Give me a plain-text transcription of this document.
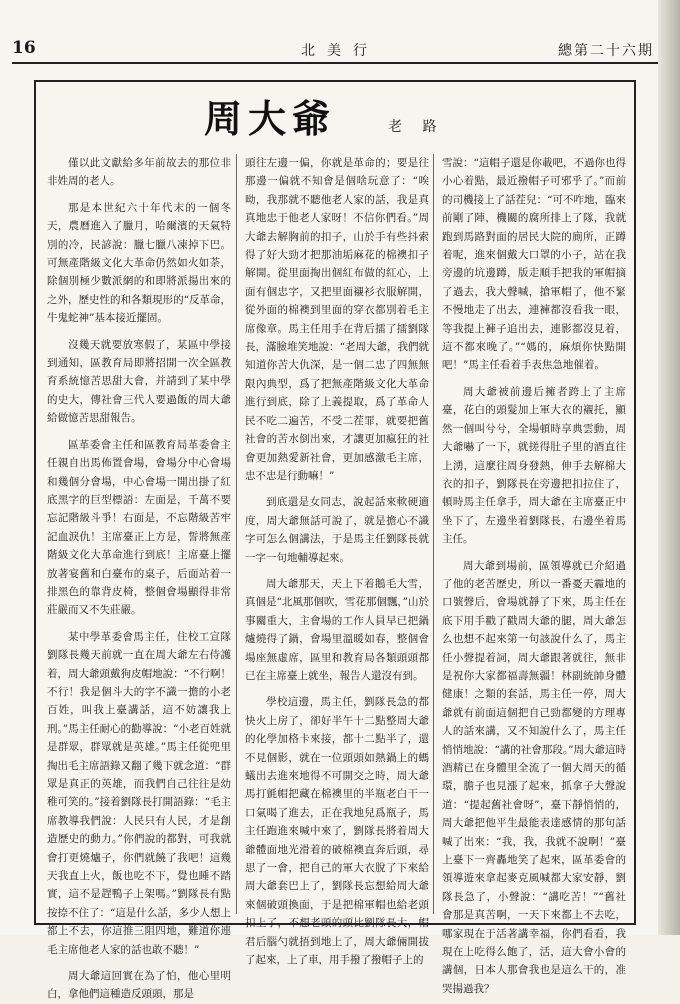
16	北美行	總第二十六期
周大爺	老 路

僅以此文獻給多年前故去的那位非非姓周的老人。

那是本世紀六十年代末的一個冬天，農曆進入了臘月，哈爾濱的天氣特別的冷，民諺說：臘七臘八凍掉下巴。可無產階級文化大革命仍然如火如荼，除個別極少數派網的和即將派揚出來的之外，歷史性的和各類現形的“反革命，牛鬼蛇神”基本接近擺固。

沒幾天就要放寒假了，某區中學接到通知，區教育局即將招開一次全區教育系統憶苦思甜大會，并請到了某中學的史大，傳社會三代人要過飯的周大爺給做憶苦思甜報告。

區革委會主任和區教育局革委會主任親自出馬佈置會場，會場分中心會場和幾個分會場，中心會場一開出掛了紅底黑字的巨型標語：左面是，千萬不要忘記階級斗爭！右面是，不忘階級苦牢記血淚仇！主席臺正上方是，誓將無產階級文化大革命進行到底！主席臺上擺放著宴舊和白臺布的桌子，后面站着一排黑色的靠背皮椅，整個會場顯得非常莊嚴而又不失莊嚴。

某中學革委會馬主任，住校工宣隊劉隊長幾天前就一直在周大爺左右侍護着，周大爺頭戴狗皮帽地說：“不行啊！不行！我是個斗大的字不識一擔的小老百姓，叫我上臺講話，這不妨讓我上刑。”馬主任耐心的勸導說：“小老百姓就是群眾，群眾就是英雄。”馬主任從兜里掏出毛主席語錄又翻了幾下就念道：“群眾是真正的英雄，而我們自己往往是幼稚可笑的。”接着劉隊長打開語錄：“毛主席教導我們說：人民只有人民，才是創造歷史的動力。”你們說的都對，可我就會打更燒爐子，你們就饒了我吧！這幾天我直上火，飯也吃不下，覺也睡不踏實，這不是趕鴨子上架嗎。”劉隊長有點按捺不住了：“這是什么話，多少人想上都上不去，你這推三阻四地，難道你連毛主席他老人家的話也敢不聽！”

周大爺這回實在為了怕，他心里明白，拿他們這種造反頭頭，那是

頭往左邊一偏，你就是革命的；要是往那邊一偏就不知會是個啥玩意了：“唉呦，我那就不聽他老人家的話，我是真真地忠于他老人家呀！不信你們看。”周大爺去解胸前的扣子，山於手有些抖索得了好大勁才把那油垢麻花的棉襖扣子解開。從里面掏出個紅布做的紅心，上面有個忠字，又把里面襯衫衣服解開，從外面的棉襖到里面的穿衣都別着毛主席像章。馬主任用手在背后擂了擂劉隊長，滿臉堆笑地說：“老周大爺，我們就知道你苦大仇深，是一個二忠了四無無限內典型，爲了把無產階級文化大革命進行到底，除了上義提取，爲了革命人民不吃二遍苦，不受二茬罪，就要把舊社會的苦水倒出來，才讓更加瘋狂的社會更加熱愛新社會，更加感激毛主席，忠不忠是行動嘛！”

到底還是女同志，說起話來軟硬適度，周大爺無話可說了，就是擔心不識字可怎么個講法，于是馬主任劉隊長就一字一句地輔導起來。

周大爺那天，天上下着鵝毛大雪，真個是“北風那個吹，雪花那個飄，”山於事關重大，主會場的工作人員早已把鍋爐燒得了鍋，會場里溫暖如春，整個會場座無虛席，區里和教育局各類頭頭都已在主席臺上就坐，報告人還沒有到。

學校這邊，馬主任，劉隊長急的都快火上房了，卻好半午十二點整周大爺的化學加格卡來接，都十二點半了，還不見個影，就在一位頭頭如熱鍋上的螞蟻出去進來地得不可開交之時，周大爺馬打氈帽把藏在棉襖里的半瓶老白干一口氣喝了進去，正在我地兒爲瓶子，馬主任跑進來喊中來了，劉隊長將着周大爺體面地光滑着的破棉襖直奔后頭，尋思了一會，把自己的軍大衣脫了下來給周大爺套巴上了，劉隊長忘想給周大爺來個破頭換面，于是把棉軍帽也給老頭扣上了，不想老頭的頭比劉隊長大，帽君后腦勺就捂到地上了，周大爺倆開拔了起來，上了車，用手撥了撥帽子上的

雪說：“這帽子還是你載吧，不過你也得小心着點，最近撥帽子可邪乎了。”而前的司機接上了話茬兒：“可不咋地，臨來前剛了陣，機關的腐所排上了隊，我就跑到馬路對面的居民大院的廁所，正蹲着呢，進來個戴大口罩的小子，站在我旁邊的坑邊蹲，版走順手把我的軍帽摘了過去，我大聲喊，搶軍帽了，他不緊不慢地走了出去，連褲都沒看我一眼，等我提上褲子追出去，連影都沒見着，這不都來晚了。”“媽的，麻煩你快點開吧！”馬主任看着手表焦急地催着。

周大爺被前邊后擁者跨上了主席臺，花白的頭髮加上軍大衣的襯托，顯然一個叫兮兮，全場頓時享典雲動，周大爺嚇了一下，就搓得肚子里的酒直往上湧，這麼往周身發熱，伸手去解棉大衣的扣子，劉隊長在旁邊把扣拉住了，頓時馬主任拿手，周大爺在主席臺正中坐下了，左邊坐着劉隊長，右邊坐着馬主任。

周大爺到場前，區領導就已介紹過了他的老苦歷史，所以一番憂天霾地的口號聲后，會場就靜了下來，馬主任在底下用手戳了戳周大爺的腿，周大爺怎么也想不起來第一句該說什么了，馬主任小聲提着詞，周大爺跟著就往，無非是祝你大家都福壽無疆！林副統帥身體健康！之類的套話，馬主任一停，周大爺就有前面這個把自己勁都變的方理專人的話來講，又不知說什么了，馬主任悄悄地說：“講的社會那段。”周大爺這時酒精已在身體里全流了一個大周天的循環，膽子也見漲了起來，抓拿子大聲說道：“提起舊社會呀”，臺下靜悄悄的，周大爺把他平生最能表達感情的那句話喊了出來：“我，我，我就不說啊！”臺上臺下一齊轟地笑了起來，區革委會的領導遊來拿起麥克風喊都大家安靜，劉隊長急了，小聲說：“講吃苦！”“舊社會那是真苦啊，一天下來都上不去吃，哪家現在于活著講幸福，你們看看，我現在上吃得么飽了，活，這大會小會的講個，日本人那會我也是這么干的，准哭揚過我？
